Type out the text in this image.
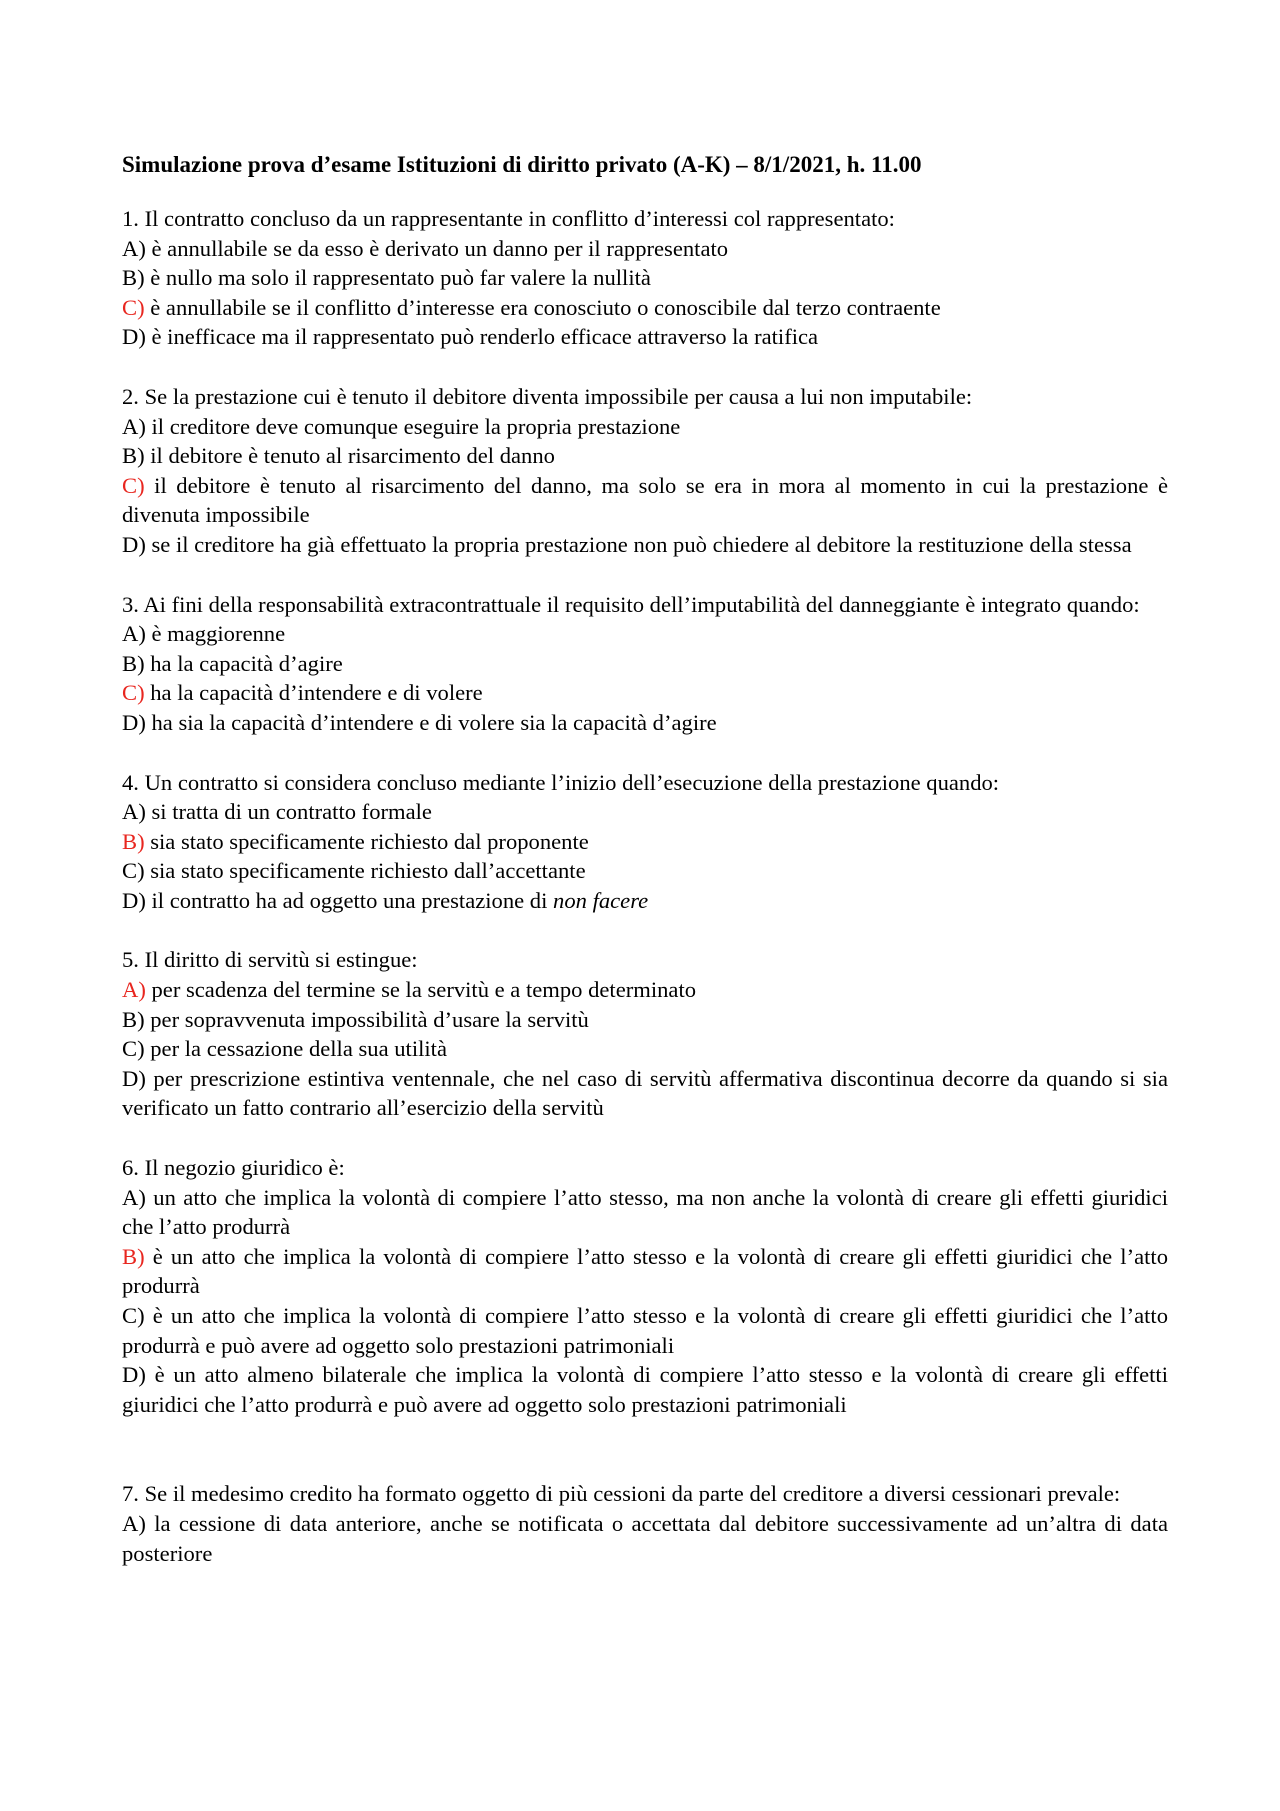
Simulazione prova d’esame Istituzioni di diritto privato (A-K) – 8/1/2021, h. 11.00
1. Il contratto concluso da un rappresentante in conflitto d’interessi col rappresentato:
A) è annullabile se da esso è derivato un danno per il rappresentato
B) è nullo ma solo il rappresentato può far valere la nullità
C) è annullabile se il conflitto d’interesse era conosciuto o conoscibile dal terzo contraente
D) è inefficace ma il rappresentato può renderlo efficace attraverso la ratifica
2. Se la prestazione cui è tenuto il debitore diventa impossibile per causa a lui non imputabile:
A) il creditore deve comunque eseguire la propria prestazione
B) il debitore è tenuto al risarcimento del danno
C) il debitore è tenuto al risarcimento del danno, ma solo se era in mora al momento in cui la prestazione è divenuta impossibile
D) se il creditore ha già effettuato la propria prestazione non può chiedere al debitore la restituzione della stessa
3. Ai fini della responsabilità extracontrattuale il requisito dell’imputabilità del danneggiante è integrato quando:
A) è maggiorenne
B) ha la capacità d’agire
C) ha la capacità d’intendere e di volere
D) ha sia la capacità d’intendere e di volere sia la capacità d’agire
4. Un contratto si considera concluso mediante l’inizio dell’esecuzione della prestazione quando:
A) si tratta di un contratto formale
B) sia stato specificamente richiesto dal proponente
C) sia stato specificamente richiesto dall’accettante
D) il contratto ha ad oggetto una prestazione di non facere
5. Il diritto di servitù si estingue:
A) per scadenza del termine se la servitù e a tempo determinato
B) per sopravvenuta impossibilità d’usare la servitù
C) per la cessazione della sua utilità
D) per prescrizione estintiva ventennale, che nel caso di servitù affermativa discontinua decorre da quando si sia verificato un fatto contrario all’esercizio della servitù
6. Il negozio giuridico è:
A) un atto che implica la volontà di compiere l’atto stesso, ma non anche la volontà di creare gli effetti giuridici che l’atto produrrà
B) è un atto che implica la volontà di compiere l’atto stesso e la volontà di creare gli effetti giuridici che l’atto produrrà
C) è un atto che implica la volontà di compiere l’atto stesso e la volontà di creare gli effetti giuridici che l’atto produrrà e può avere ad oggetto solo prestazioni patrimoniali
D) è un atto almeno bilaterale che implica la volontà di compiere l’atto stesso e la volontà di creare gli effetti giuridici che l’atto produrrà e può avere ad oggetto solo prestazioni patrimoniali
7. Se il medesimo credito ha formato oggetto di più cessioni da parte del creditore a diversi cessionari prevale:
A) la cessione di data anteriore, anche se notificata o accettata dal debitore successivamente ad un’altra di data posteriore
